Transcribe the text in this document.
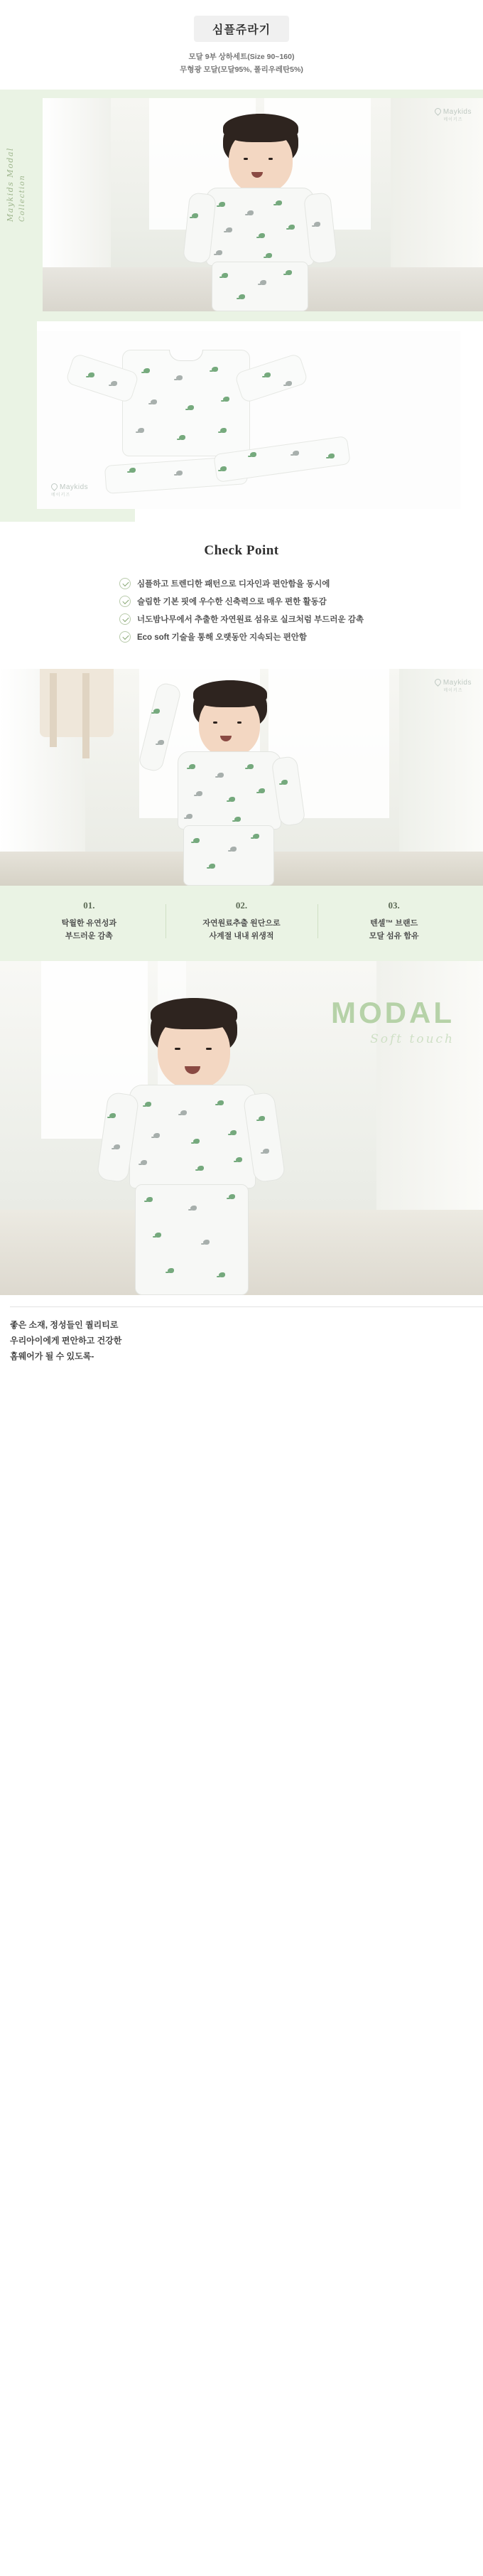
심플쥬라기
모달 9부 상하세트(Size 90~160)
무형광 모달(모달95%, 폴리우레탄5%)
Maykids Modal Collection
Maykids
메이키즈
Maykids
메이키즈
Check Point
심플하고 트렌디한 패턴으로 디자인과 편안함을 동시에
슬림한 기본 핏에 우수한 신축력으로 매우 편한 활동감
너도밤나무에서 추출한 자연원료 섬유로 실크처럼 부드러운 감촉
Eco soft 기술을 통해 오랫동안 지속되는 편안함
Maykids
메이키즈
01.
탁월한 유연성과
부드러운 감촉
02.
자연원료추출 원단으로
사계절 내내 위생적
03.
텐셀™ 브랜드
모달 섬유 함유
MODAL
Soft touch
좋은 소재, 정성들인 퀄리티로
우리아이에게 편안하고 건강한
홈웨어가 될 수 있도록-
